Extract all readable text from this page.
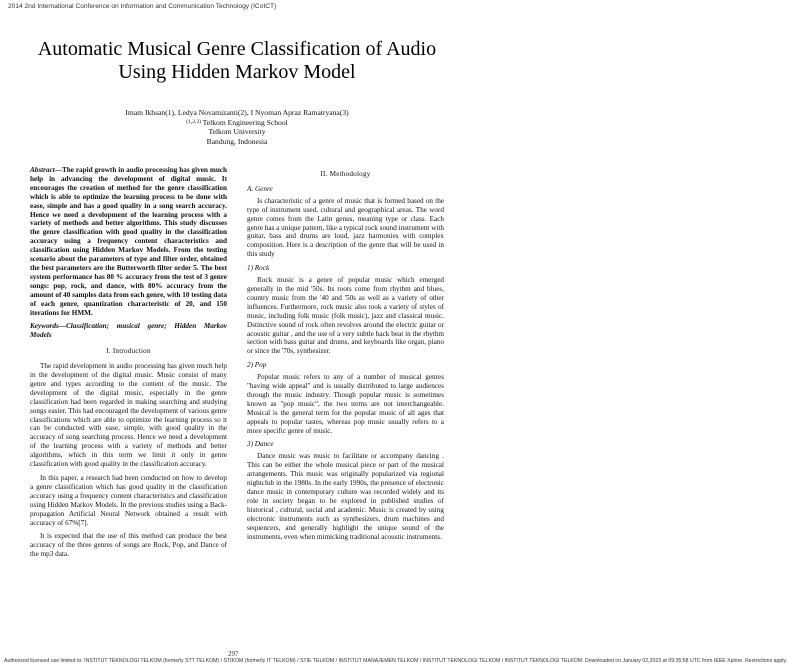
2014 2nd International Conference on Information and Communication Technology (ICoICT)
Automatic Musical Genre Classification of Audio
Using Hidden Markov Model
Imam Ikhsan(1), Ledya Novamizanti(2), I Nyoman Apraz Ramatryana(3)
$^{(1,2,3)}$ Telkom Engineering School
Telkom University
Bandung, Indonesia

Abstract—The rapid growth in audio processing has given much help in advancing the development of digital music. It encourages the creation of method for the genre classification which is able to optimize the learning process to be done with ease, simple and has a good quality in a song search accuracy. Hence we need a development of the learning process with a variety of methods and better algorithms. This study discusses the genre classification with good quality in the classification accuracy using a frequency content characteristics and classification using Hidden Markov Models. From the testing scenario about the parameters of type and filter order, obtained the best parameters are the Butterworth filter order 5. The best system performance has 80 % accuracy from the test of 3 genre songs: pop, rock, and dance, with 80% accuracy from the amount of 40 samples data from each genre, with 10 testing data of each genre, quantization characteristic of 20, and 150 iterations for HMM.

Keywords—Classification; musical genre; Hidden Markov Models

I. Introduction

The rapid development in audio processing has given much help in the development of the digital music. Music consist of many genre and types according to the content of the music. The development of the digital music, especially in the genre classification had been regarded in making searching and studying songs easier. This had encouraged the development of various genre classifications which are able to optimize the learning process so it can be conducted with ease, simple, with good quality in the accuracy of song searching process. Hence we need a development of the learning process with a variety of methods and better algorithms, which in this term we limit it only in genre classification with good quality in the classification accuracy.

In this paper, a research had been conducted on how to develop a genre classification which has good quality in the classification accuracy using a frequency content characteristics and classification using Hidden Markov Models. In the previous studies using a Back-propagation Artificial Neural Network obtained a result with accuracy of 67%[7].

It is expected that the use of this method can produce the best accuracy of the three genres of songs are Rock, Pop, and Dance of the mp3 data.

II. Methodology
A. Genre

Is characteristic of a genre of music that is formed based on the type of instrument used, cultural and geographical areas. The word genre comes from the Latin genus, meaning type or class. Each genre has a unique pattern, like a typical rock sound instrument with guitar, bass and drums are loud, jazz harmonies with complex composition. Here is a description of the genre that will be used in this study

1) Rock

Rock music is a genre of popular music which emerged generally in the mid '50s. Its roots come from rhythm and blues, country music from the '40 and '50s as well as a variety of other influences. Furthermore, rock music also took a variety of styles of music, including folk music (folk music), jazz and classical music. Dstinctive sound of rock often revolves around the electric guitar or acoustic guitar , and the use of a very subtle back beat in the rhythm section with bass guitar and drums, and keyboards like organ, piano or since the '70s, synthesizer.

2) Pop

Popular music refers to any of a number of musical genres "having wide appeal" and is usually distributed to large audiences through the music industry. Though popular music is sometimes known as "pop music", the two terms are not interchangeable. Musical is the general term for the popular music of all ages that appeals to popular tastes, whereas pop music usually refers to a more specific genre of music.

3) Dance

Dance music was music to facilitate or accompany dancing . This can be either the whole musical piece or part of the musical arrangements. This music was originally popularized via regional nightclub in the 1980s. In the early 1990s, the presence of electronic dance music in contemporary culture was recorded widely and its role in society began to be explored in published studies of historical , cultural, social and academic. Music is created by using electronic instruments such as synthesizers, drum machines and sequencers, and generally highlight the unique sound of the instruments, even when mimicking traditional acoustic instruments.

297
Authorized licensed use limited to: INSTITUT TEKNOLOGI TELKOM (formerly STT TELKOM) / STIKOM (formerly IT TELKOM) / STIE TELKOM / INSTITUT MANAJEMEN TELKOM / INSTITUT TEKNOLOGI TELKOM / INSTITUT TEKNOLOGI TELKOM. Downloaded on January 02,2023 at 09:35:58 UTC from IEEE Xplore. Restrictions apply.
